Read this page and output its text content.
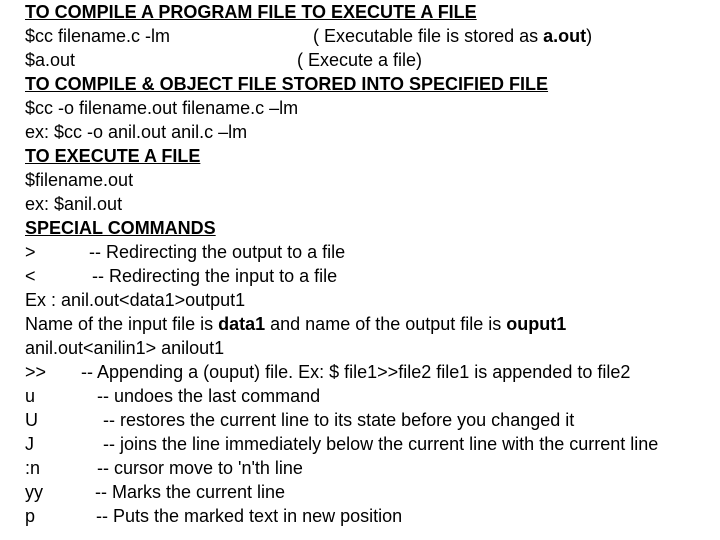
TO COMPILE A PROGRAM FILE TO EXECUTE A FILE
$cc filename.c -lm	( Executable file is stored as a.out)
$a.out	( Execute a file)
TO COMPILE & OBJECT FILE STORED INTO SPECIFIED FILE
$cc -o filename.out filename.c –lm
ex: $cc -o anil.out anil.c –lm
TO EXECUTE A FILE
$filename.out
ex: $anil.out
SPECIAL COMMANDS
>	-- Redirecting the output to a file
<	-- Redirecting the input to a file
Ex : anil.out<data1>output1
Name of the input file is data1 and name of the output file is ouput1
anil.out<anilin1> anilout1
>> -- Appending a (ouput) file. Ex: $ file1>>file2 file1 is appended to file2
u	-- undoes the last command
U	-- restores the current line to its state before you changed it
J	-- joins the line immediately below the current line with the current line
:n	-- cursor move to 'n'th line
yy	-- Marks the current line
p	-- Puts the marked text in new position
